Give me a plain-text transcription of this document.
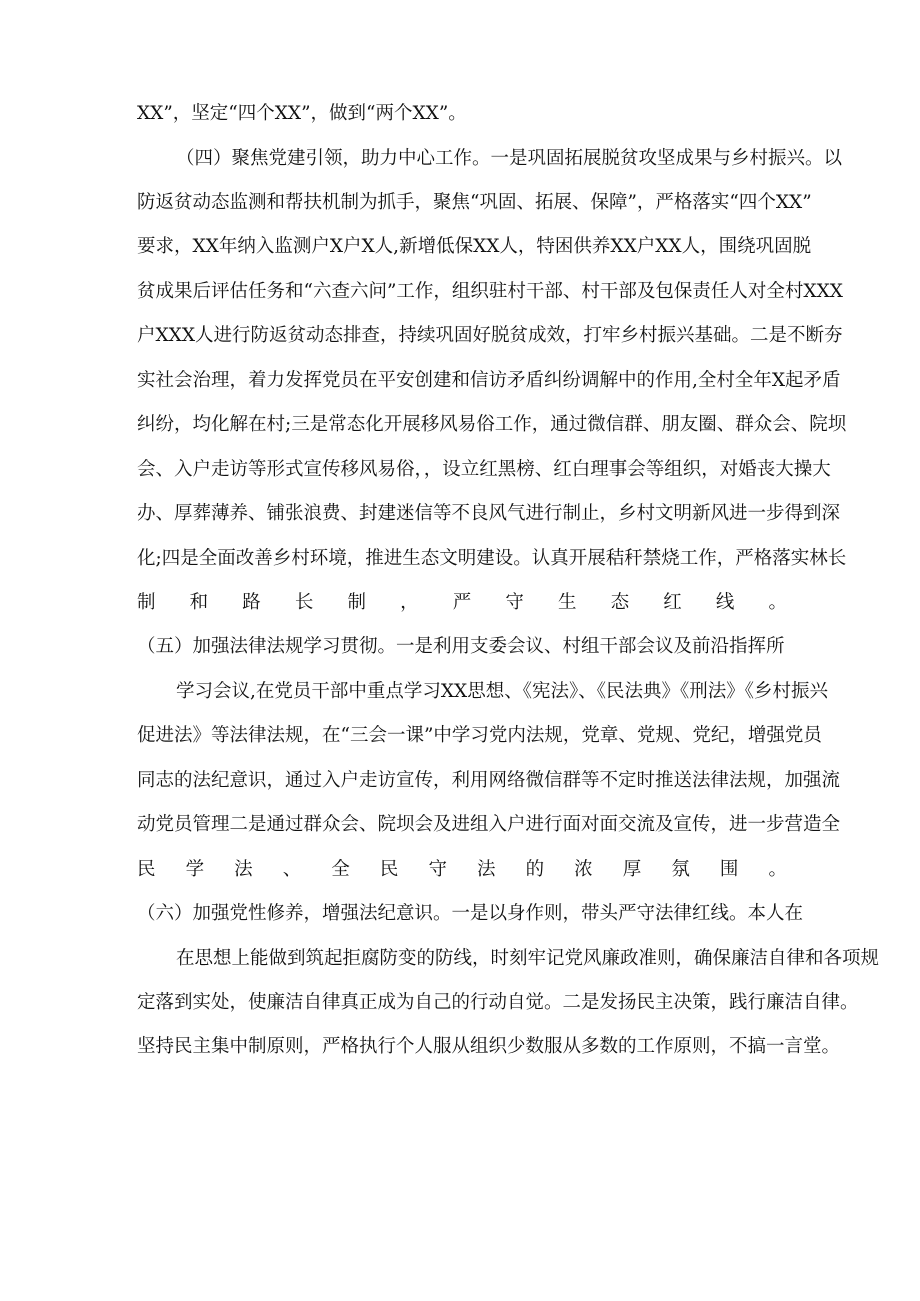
XX”，坚定“四个XX”，做到“两个XX”。
（四）聚焦党建引领，助力中心工作。一是巩固拓展脱贫攻坚成果与乡村振兴。以
防返贫动态监测和帮扶机制为抓手，聚焦“巩固、拓展、保障”，严格落实“四个XX”
要求，XX年纳入监测户X户X人,新增低保XX人，特困供养XX户XX人，围绕巩固脱
贫成果后评估任务和“六查六问”工作，组织驻村干部、村干部及包保责任人对全村XXX
户XXX人进行防返贫动态排查，持续巩固好脱贫成效，打牢乡村振兴基础。二是不断夯
实社会治理，着力发挥党员在平安创建和信访矛盾纠纷调解中的作用,全村全年X起矛盾
纠纷，均化解在村;三是常态化开展移风易俗工作，通过微信群、朋友圈、群众会、院坝
会、入户走访等形式宣传移风易俗，，设立红黑榜、红白理事会等组织，对婚丧大操大
办、厚葬薄养、铺张浪费、封建迷信等不良风气进行制止，乡村文明新风进一步得到深
化;四是全面改善乡村环境，推进生态文明建设。认真开展秸秆禁烧工作，严格落实林长
制和路长制，严守生态红线。
（五）加强法律法规学习贯彻。一是利用支委会议、村组干部会议及前沿指挥所
学习会议,在党员干部中重点学习XX思想、《宪法》、《民法典》《刑法》《乡村振兴
促进法》等法律法规，在“三会一课”中学习党内法规，党章、党规、党纪，增强党员
同志的法纪意识，通过入户走访宣传，利用网络微信群等不定时推送法律法规，加强流
动党员管理二是通过群众会、院坝会及进组入户进行面对面交流及宣传，进一步营造全
民学法、全民守法的浓厚氛围。
（六）加强党性修养，增强法纪意识。一是以身作则，带头严守法律红线。本人在
在思想上能做到筑起拒腐防变的防线，时刻牢记党风廉政准则，确保廉洁自律和各项规
定落到实处，使廉洁自律真正成为自己的行动自觉。二是发扬民主决策，践行廉洁自律。
坚持民主集中制原则，严格执行个人服从组织少数服从多数的工作原则，不搞一言堂。
